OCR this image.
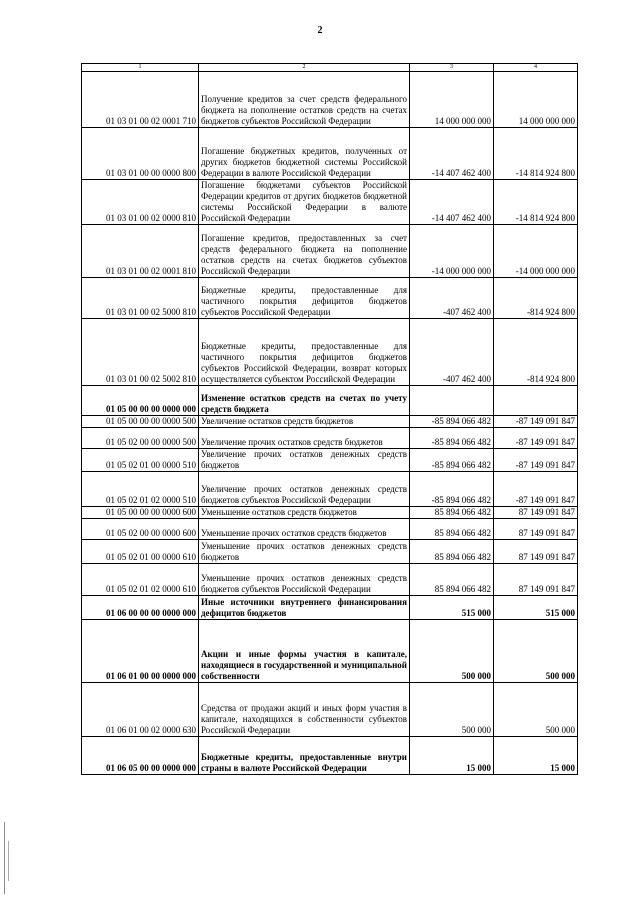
2
1	2	3	4
01 03 01 00 02 0001 710	Получение кредитов за счет средств федерального бюджета на пополнение остатков средств на счетах бюджетов субъектов Российской Федерации	14 000 000 000	14 000 000 000
01 03 01 00 00 0000 800	Погашение бюджетных кредитов, полученных от других бюджетов бюджетной системы Российской Федерации в валюте Российской Федерации	-14 407 462 400	-14 814 924 800
01 03 01 00 02 0000 810	Погашение бюджетами субъектов Российской Федерации кредитов от других бюджетов бюджетной системы Российской Федерации в валюте Российской Федерации	-14 407 462 400	-14 814 924 800
01 03 01 00 02 0001 810	Погашение кредитов, предоставленных за счет средств федерального бюджета на пополнение остатков средств на счетах бюджетов субъектов Российской Федерации	-14 000 000 000	-14 000 000 000
01 03 01 00 02 5000 810	Бюджетные кредиты, предоставленные для частичного покрытия дефицитов бюджетов субъектов Российской Федерации	-407 462 400	-814 924 800
01 03 01 00 02 5002 810	Бюджетные кредиты, предоставленные для частичного покрытия дефицитов бюджетов субъектов Российской Федерации, возврат которых осуществляется субъектом Российской Федерации	-407 462 400	-814 924 800
01 05 00 00 00 0000 000	Изменение остатков средств на счетах по учету средств бюджета		
01 05 00 00 00 0000 500	Увеличение остатков средств бюджетов	-85 894 066 482	-87 149 091 847
01 05 02 00 00 0000 500	Увеличение прочих остатков средств бюджетов	-85 894 066 482	-87 149 091 847
01 05 02 01 00 0000 510	Увеличение прочих остатков денежных средств бюджетов	-85 894 066 482	-87 149 091 847
01 05 02 01 02 0000 510	Увеличение прочих остатков денежных средств бюджетов субъектов Российской Федерации	-85 894 066 482	-87 149 091 847
01 05 00 00 00 0000 600	Уменьшение остатков средств бюджетов	85 894 066 482	87 149 091 847
01 05 02 00 00 0000 600	Уменьшение прочих остатков средств бюджетов	85 894 066 482	87 149 091 847
01 05 02 01 00 0000 610	Уменьшение прочих остатков денежных средств бюджетов	85 894 066 482	87 149 091 847
01 05 02 01 02 0000 610	Уменьшение прочих остатков денежных средств бюджетов субъектов Российской Федерации	85 894 066 482	87 149 091 847
01 06 00 00 00 0000 000	Иные источники внутреннего финансирования дефицитов бюджетов	515 000	515 000
01 06 01 00 00 0000 000	Акции и иные формы участия в капитале, находящиеся в государственной и муниципальной собственности	500 000	500 000
01 06 01 00 02 0000 630	Средства от продажи акций и иных форм участия в капитале, находящихся в собственности субъектов Российской Федерации	500 000	500 000
01 06 05 00 00 0000 000	Бюджетные кредиты, предоставленные внутри страны в валюте Российской Федерации	15 000	15 000
